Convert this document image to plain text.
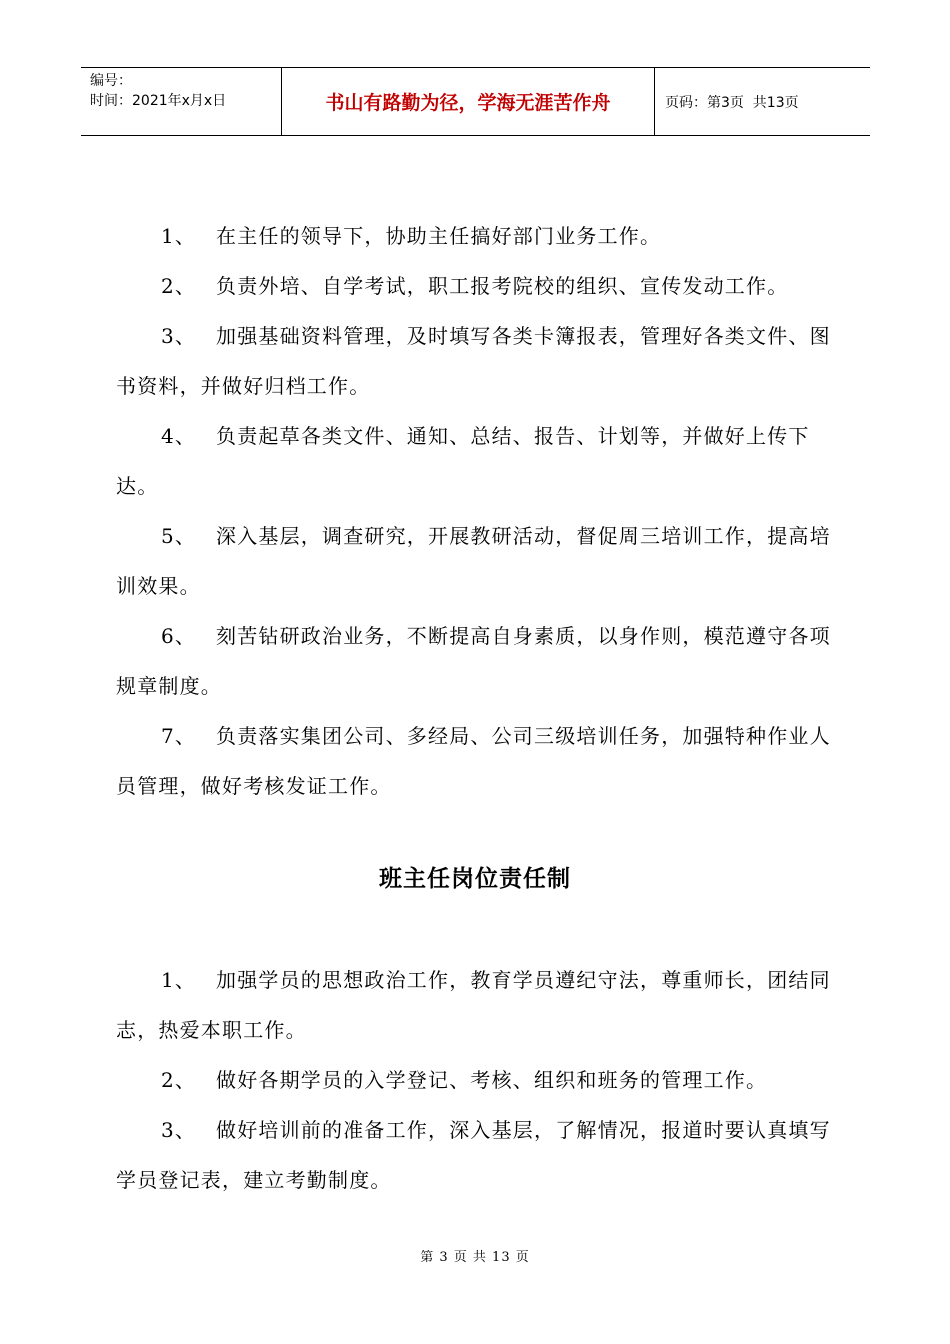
编号：
时间：2021年x月x日	书山有路勤为径，学海无涯苦作舟	页码：第3页  共13页

1、 在主任的领导下，协助主任搞好部门业务工作。

2、 负责外培、自学考试，职工报考院校的组织、宣传发动工作。

3、 加强基础资料管理，及时填写各类卡簿报表，管理好各类文件、图书资料，并做好归档工作。

4、 负责起草各类文件、通知、总结、报告、计划等，并做好上传下达。

5、 深入基层，调查研究，开展教研活动，督促周三培训工作，提高培训效果。

6、 刻苦钻研政治业务，不断提高自身素质，以身作则，模范遵守各项规章制度。

7、 负责落实集团公司、多经局、公司三级培训任务，加强特种作业人员管理，做好考核发证工作。

班主任岗位责任制

1、 加强学员的思想政治工作，教育学员遵纪守法，尊重师长，团结同志，热爱本职工作。

2、 做好各期学员的入学登记、考核、组织和班务的管理工作。

3、 做好培训前的准备工作，深入基层，了解情况，报道时要认真填写学员登记表，建立考勤制度。

第 3 页 共 13 页
